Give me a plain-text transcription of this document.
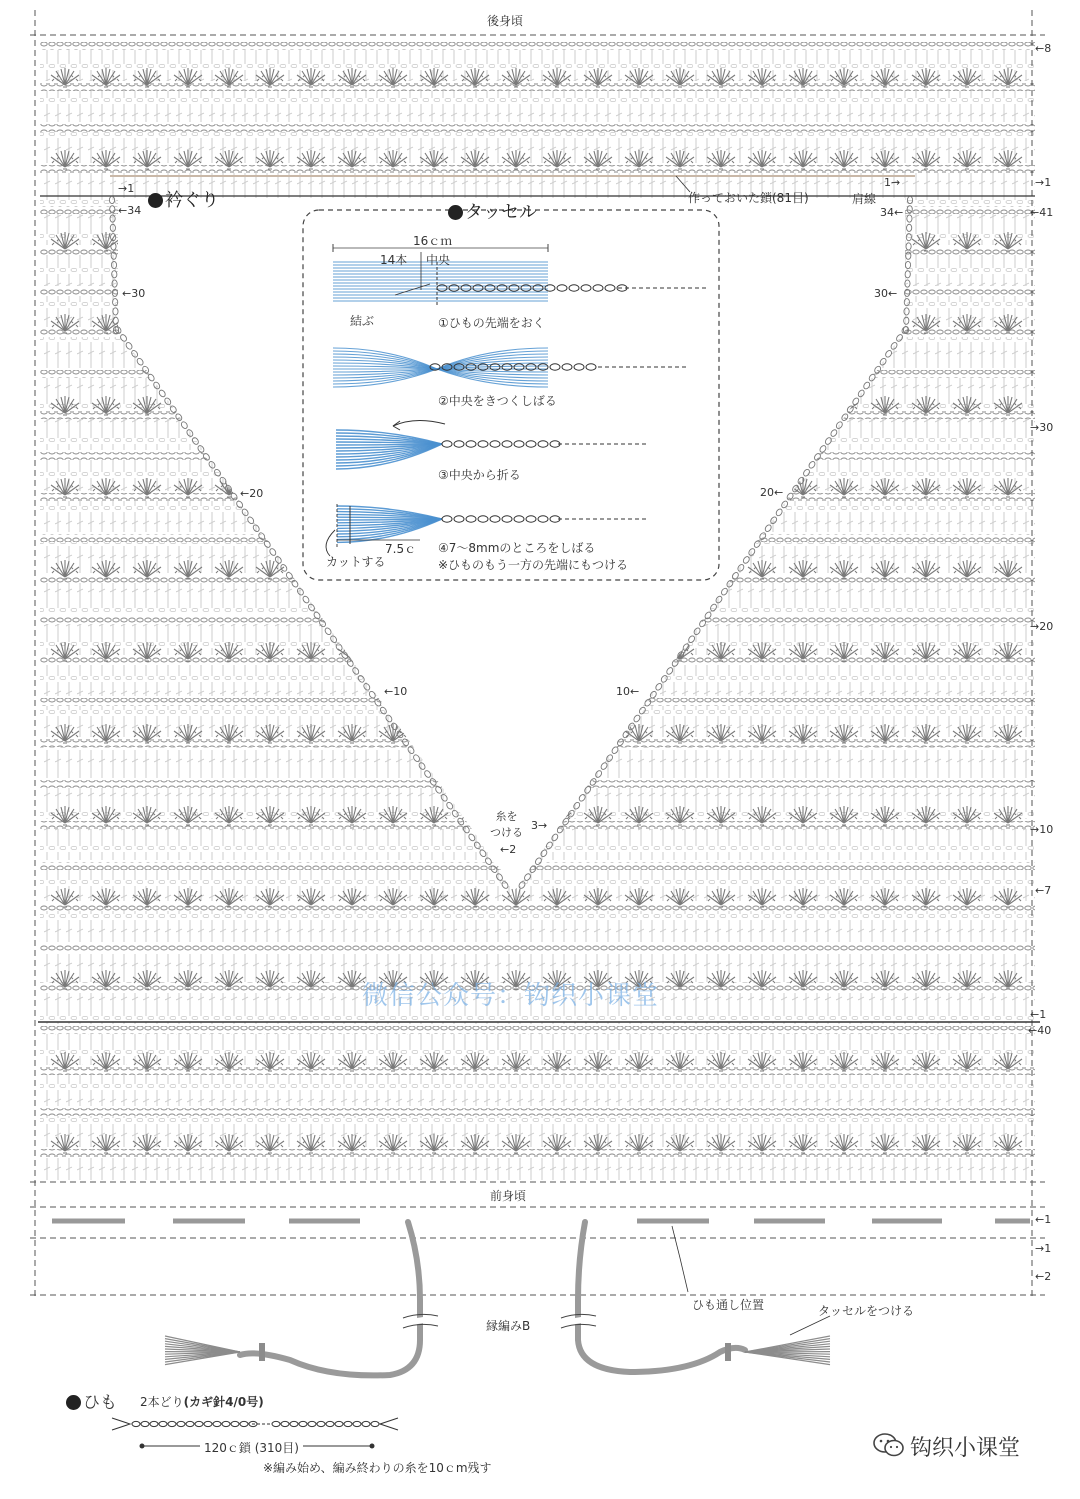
後身頃
前身頃
衿ぐり
タッセル
作っておいた鎖(81目)	肩線
16ｃｍ
14本 中央
結ぶ	①ひもの先端をおく
②中央をきつくしばる
③中央から折る
7.5ｃ ④7～8mmのところをしばる
カットする	※ひものもう一方の先端にもつける
糸を
つける
→1
←34
←30
←20
←10
←2
1→
34←
30←
20←
10←
3→
←8
→1
←41
→30
→20
→10
←7
←1
←40
←1
→1
←2
微信公众号：钩织小课堂
ひも通し位置	タッセルをつける
縁編みB
ひも 2本どり(カギ針4/0号)
120ｃ鎖 (310目)
※編み始め、編み終わりの糸を10ｃm残す
钩织小课堂
